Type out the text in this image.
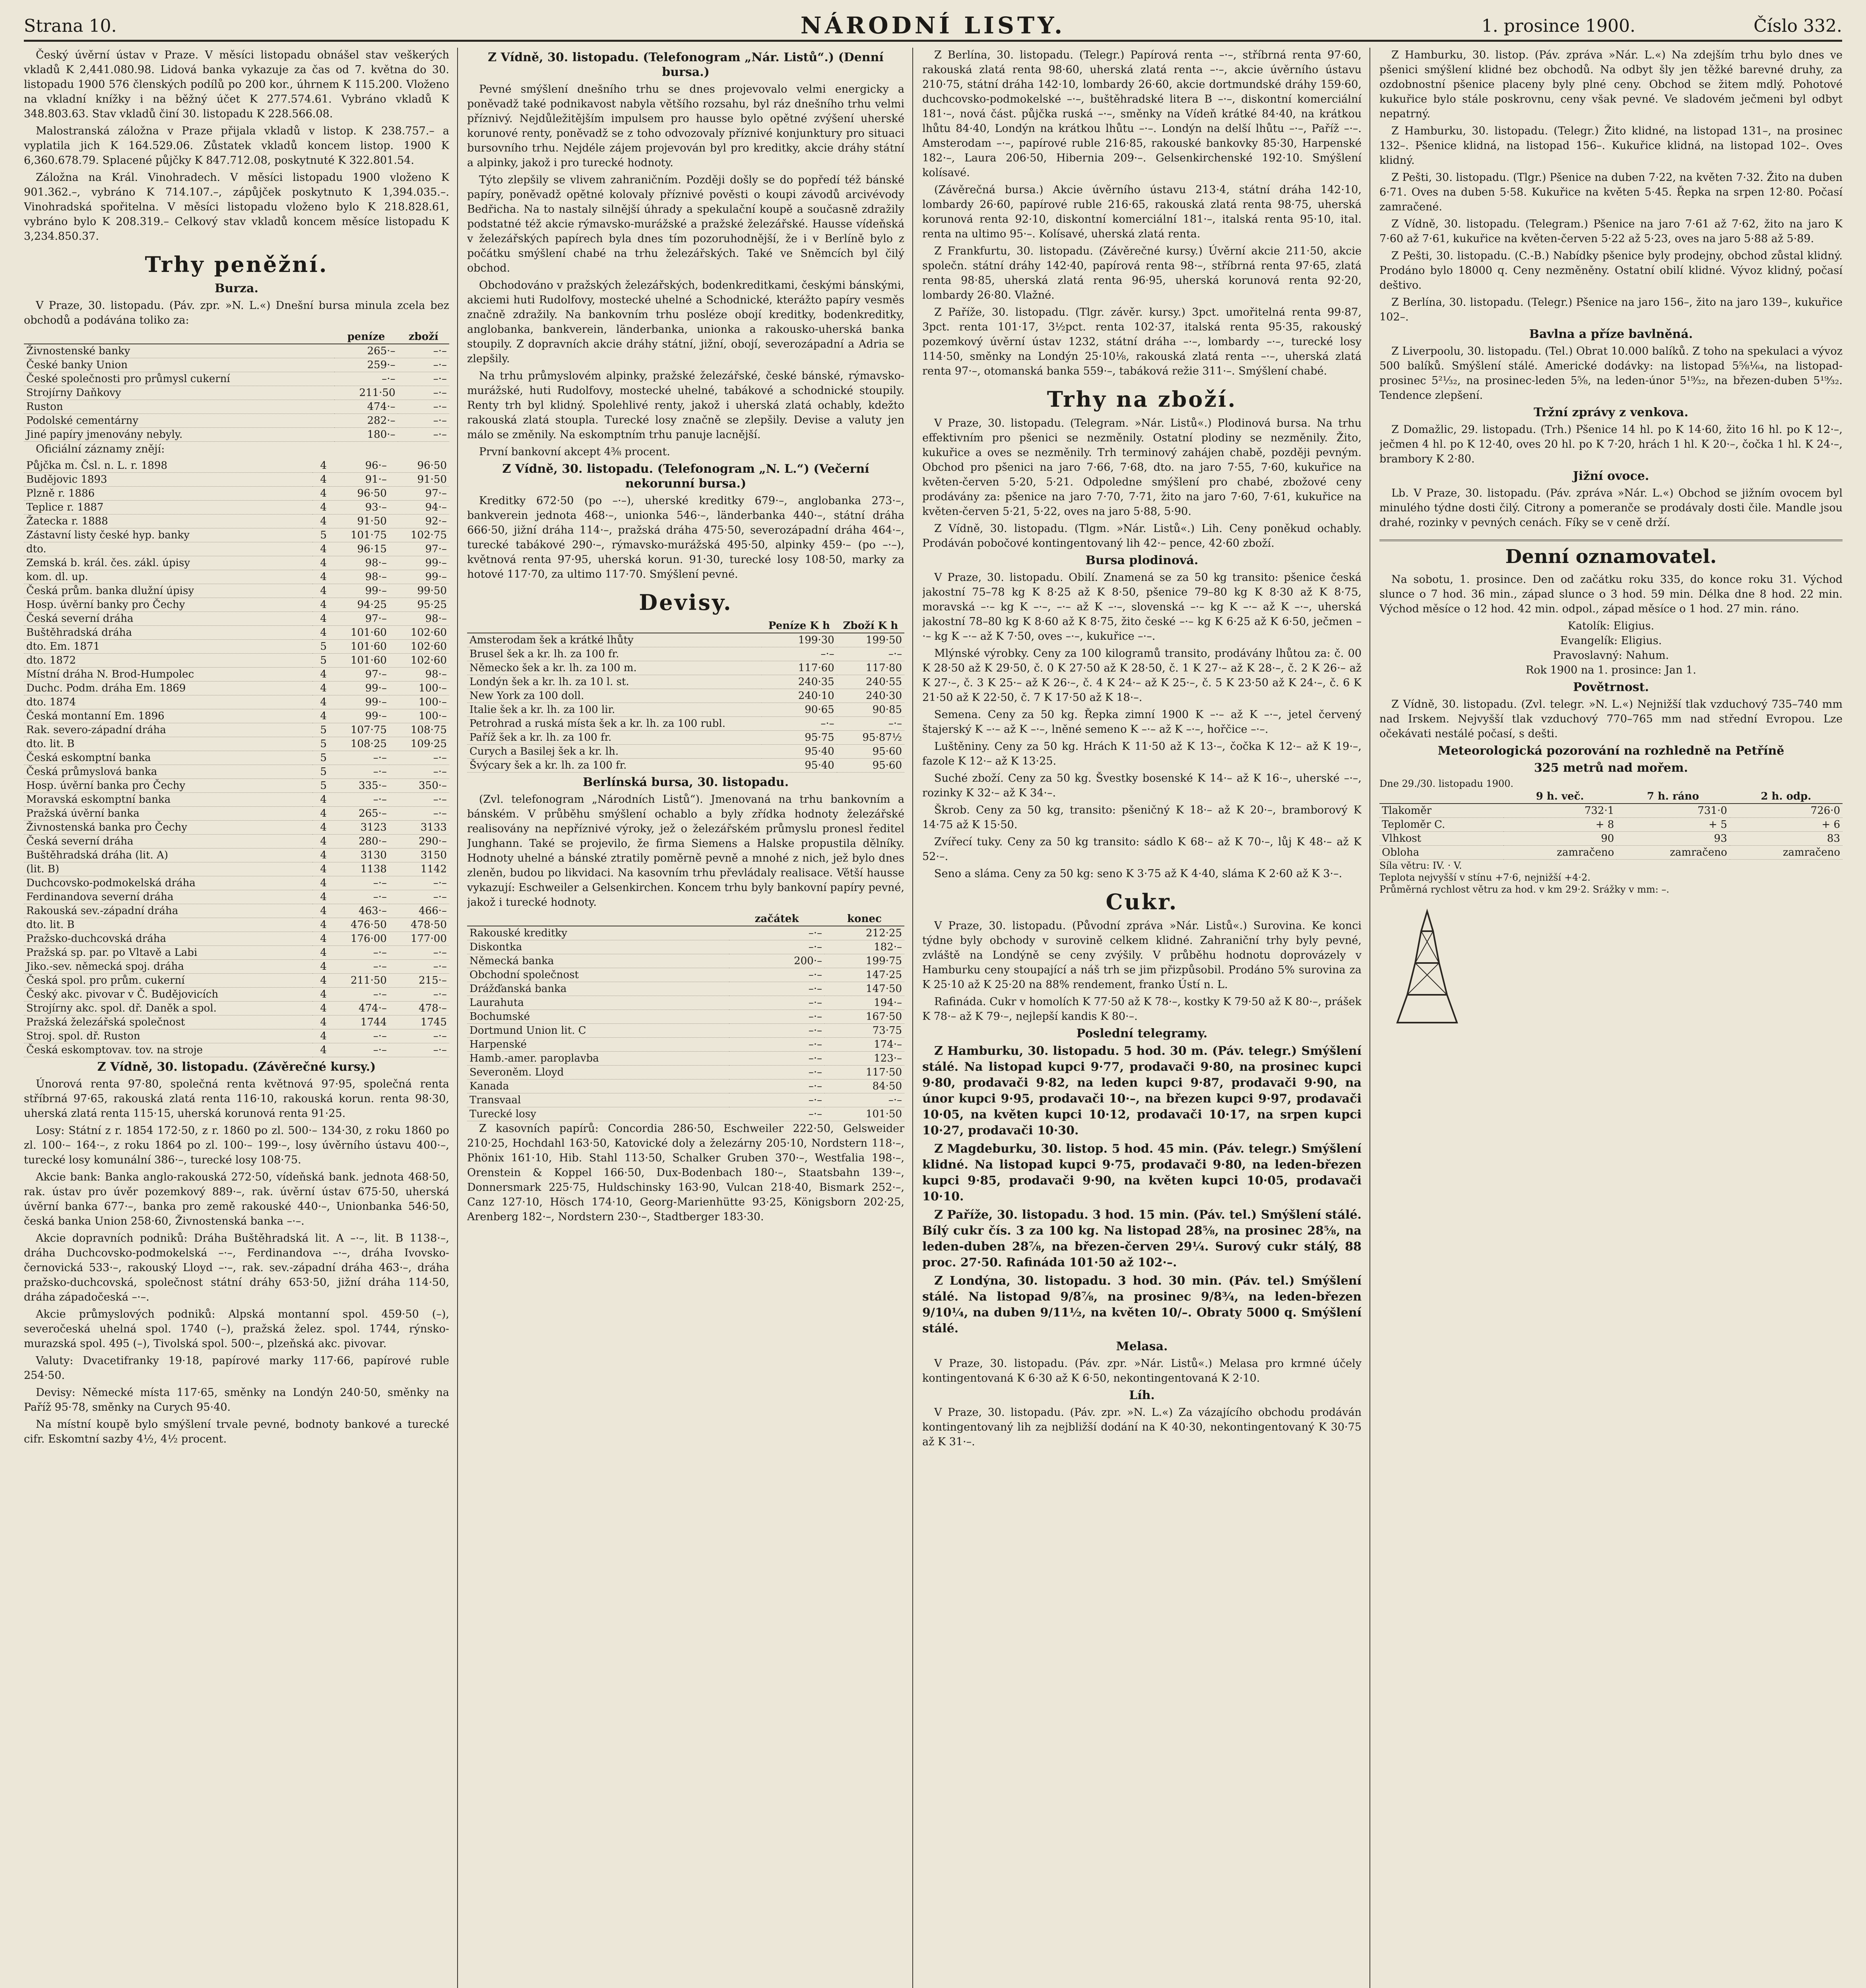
Strana 10.	NÁRODNÍ LISTY.	1. prosince 1900.	Číslo 332.

Český úvěrní ústav v Praze. V měsíci listopadu obnášel stav veškerých vkladů K 2,441.080.98. Lidová banka vykazuje za čas od 7. května do 30. listopadu 1900 576 členských podílů po 200 kor., úhrnem K 115.200. Vloženo na vkladní knížky i na běžný účet K 277.574.61. Vybráno vkladů K 348.803.63. Stav vkladů činí 30. listopadu K 228.566.08.

Malostranská záložna v Praze přijala vkladů v listop. K 238.757.– a vyplatila jich K 164.529.06. Zůstatek vkladů koncem listop. 1900 K 6,360.678.79. Splacené půjčky K 847.712.08, poskytnuté K 322.801.54.

Záložna na Král. Vinohradech. V měsíci listopadu 1900 vloženo K 901.362.–, vybráno K 714.107.–, zápůjček poskytnuto K 1,394.035.–. Vinohradská spořitelna. V měsíci listopadu vloženo bylo K 218.828.61, vybráno bylo K 208.319.– Celkový stav vkladů koncem měsíce listopadu K 3,234.850.37.

Trhy peněžní.
Burza.

V Praze, 30. listopadu. (Páv. zpr. »N. L.«) Dnešní bursa minula zcela bez obchodů a podávána toliko za:

	peníze	zboží
Živnostenské banky	265·–	–·–
České banky Union	259·–	–·–
České společnosti pro průmysl cukerní	–·–	–·–
Strojírny Daňkovy	211·50	–·–
Ruston	474·–	–·–
Podolské cementárny	282·–	–·–
Jiné papíry jmenovány nebyly.	180·–	–·–

Oficiální záznamy znějí:

Půjčka m. Čsl. n. L. r. 1898	4	96·–	96·50
Budějovic 1893	4	91·–	91·50
Plzně r. 1886	4	96·50	97·–
Teplice r. 1887	4	93·–	94·–
Žatecka r. 1888	4	91·50	92·–
Zástavní listy české hyp. banky	5	101·75	102·75
dto.	4	96·15	97·–
Zemská b. král. čes. zákl. úpisy	4	98·–	99·–
kom. dl. up.	4	98·–	99·–
Česká prům. banka dlužní úpisy	4	99·–	99·50
Hosp. úvěrní banky pro Čechy	4	94·25	95·25
Česká severní dráha	4	97·–	98·–
Buštěhradská dráha	4	101·60	102·60
dto. Em. 1871	5	101·60	102·60
dto. 1872	5	101·60	102·60
Místní dráha N. Brod-Humpolec	4	97·–	98·–
Duchc. Podm. dráha Em. 1869	4	99·–	100·–
dto. 1874	4	99·–	100·–
Česká montanní Em. 1896	4	99·–	100·–
Rak. severo-západní dráha	5	107·75	108·75
dto. lit. B	5	108·25	109·25
Česká eskomptní banka	5	–·–	–·–
Česká průmyslová banka	5	–·–	–·–
Hosp. úvěrní banka pro Čechy	5	335·–	350·–
Moravská eskomptní banka	4	–·–	–·–
Pražská úvěrní banka	4	265·–	–·–
Živnostenská banka pro Čechy	4	3123	3133
Česká severní dráha	4	280·–	290·–
Buštěhradská dráha (lit. A)	4	3130	3150
(lit. B)	4	1138	1142
Duchcovsko-podmokelská dráha	4	–·–	–·–
Ferdinandova severní dráha	4	–·–	–·–
Rakouská sev.-západní dráha	4	463·–	466·–
dto. lit. B	4	476·50	478·50
Pražsko-duchcovská dráha	4	176·00	177·00
Pražská sp. par. po Vltavě a Labi	4	–·–	–·–
Jiko.-sev. německá spoj. dráha	4	–·–	–·–
Česká spol. pro prům. cukerní	4	211·50	215·–
Český akc. pivovar v Č. Budějovicích	4	–·–	–·–
Strojírny akc. spol. dř. Daněk a spol.	4	474·–	478·–
Pražská železářská společnost	4	1744	1745
Stroj. spol. dř. Ruston	4	–·–	–·–
Česká eskomptovav. tov. na stroje	4	–·–	–·–
Z Vídně, 30. listopadu. (Závěrečné kursy.)

Únorová renta 97·80, společná renta květnová 97·95, společná renta stříbrná 97·65, rakouská zlatá renta 116·10, rakouská korun. renta 98·30, uherská zlatá renta 115·15, uherská korunová renta 91·25.

Losy: Státní z r. 1854 172·50, z r. 1860 po zl. 500·– 134·30, z roku 1860 po zl. 100·– 164·–, z roku 1864 po zl. 100·– 199·–, losy úvěrního ústavu 400·–, turecké losy komunální 386·–, turecké losy 108·75.

Akcie bank: Banka anglo-rakouská 272·50, vídeňská bank. jednota 468·50, rak. ústav pro úvěr pozemkový 889·–, rak. úvěrní ústav 675·50, uherská úvěrní banka 677·–, banka pro země rakouské 440·–, Unionbanka 546·50, česká banka Union 258·60, Živnostenská banka –·–.

Akcie dopravních podniků: Dráha Buštěhradská lit. A –·–, lit. B 1138·–, dráha Duchcovsko-podmokelská –·–, Ferdinandova –·–, dráha Ivovsko-černovická 533·–, rakouský Lloyd –·–, rak. sev.-západní dráha 463·–, dráha pražsko-duchcovská, společnost státní dráhy 653·50, jižní dráha 114·50, dráha západočeská –·–.

Akcie průmyslových podniků: Alpská montanní spol. 459·50 (–), severočeská uhelná spol. 1740 (–), pražská želez. spol. 1744, rýnsko-murazská spol. 495 (–), Tivolská spol. 500·–, plzeňská akc. pivovar.

Valuty: Dvacetifranky 19·18, papírové marky 117·66, papírové ruble 254·50.

Devisy: Německé místa 117·65, směnky na Londýn 240·50, směnky na Paříž 95·78, směnky na Curych 95·40.

Na místní koupě bylo smýšlení trvale pevné, bodnoty bankové a turecké cifr. Eskomtní sazby 4½, 4½ procent.

Z Vídně, 30. listopadu. (Telefonogram „Nár. Listů“.) (Denní bursa.)

Pevné smýšlení dnešního trhu se dnes projevovalo velmi energicky a poněvadž také podnikavost nabyla většího rozsahu, byl ráz dnešního trhu velmi příznivý. Nejdůležitějším impulsem pro hausse bylo opětné zvýšení uherské korunové renty, poněvadž se z toho odvozovaly příznivé konjunktury pro situaci bursovního trhu. Nejdéle zájem projevován byl pro kreditky, akcie dráhy státní a alpinky, jakož i pro turecké hodnoty.

Týto zlepšily se vlivem zahraničním. Později došly se do popředí též bánské papíry, poněvadž opětné kolovaly příznivé pověsti o koupi závodů arcivévody Bedřicha. Na to nastaly silnější úhrady a spekulační koupě a současně zdražily podstatné též akcie rýmavsko-murážské a pražské železářské. Hausse vídeňská v železářských papírech byla dnes tím pozoruhodnější, že i v Berlíně bylo z počátku smýšlení chabé na trhu železářských. Také ve Sněmcích byl čilý obchod.

Obchodováno v pražských železářských, bodenkreditkami, českými bánskými, akciemi huti Rudolfovy, mostecké uhelné a Schodnické, kterážto papíry vesměs značně zdražily. Na bankovním trhu posléze obojí kreditky, bodenkreditky, anglobanka, bankverein, länderbanka, unionka a rakousko-uherská banka stoupily. Z dopravních akcie dráhy státní, jižní, obojí, severozápadní a Adria se zlepšily.

Na trhu průmyslovém alpinky, pražské železářské, české bánské, rýmavsko-murážské, huti Rudolfovy, mostecké uhelné, tabákové a schodnické stoupily. Renty trh byl klidný. Spolehlivé renty, jakož i uherská zlatá ochably, kdežto rakouská zlatá stoupla. Turecké losy značně se zlepšily. Devise a valuty jen málo se změnily. Na eskomptním trhu panuje lacnější.

První bankovní akcept 4⅜ procent.

Z Vídně, 30. listopadu. (Telefonogram „N. L.“) (Večerní nekorunní bursa.)

Kreditky 672·50 (po –·–), uherské kreditky 679·–, anglobanka 273·–, bankverein jednota 468·–, unionka 546·–, länderbanka 440·–, státní dráha 666·50, jižní dráha 114·–, pražská dráha 475·50, severozápadní dráha 464·–, turecké tabákové 290·–, rýmavsko-murážská 495·50, alpinky 459·– (po –·–), květnová renta 97·95, uherská korun. 91·30, turecké losy 108·50, marky za hotové 117·70, za ultimo 117·70. Smýšlení pevné.

Devisy.
	Peníze K h	Zboží K h
Amsterodam šek a krátké lhůty	199·30	199·50
Brusel šek a kr. lh. za 100 fr.	–·–	–·–
Německo šek a kr. lh. za 100 m.	117·60	117·80
Londýn šek a kr. lh. za 10 l. st.	240·35	240·55
New York za 100 doll.	240·10	240·30
Italie šek a kr. lh. za 100 lir.	90·65	90·85
Petrohrad a ruská místa šek a kr. lh. za 100 rubl.	–·–	–·–
Paříž šek a kr. lh. za 100 fr.	95·75	95·87½
Curych a Basilej šek a kr. lh.	95·40	95·60
Švýcary šek a kr. lh. za 100 fr.	95·40	95·60
Berlínská bursa, 30. listopadu.

(Zvl. telefonogram „Národních Listů“). Jmenovaná na trhu bankovním a bánském. V průběhu smýšlení ochablo a byly zřídka hodnoty železářské realisovány na nepříznivé výroky, jež o železářském průmyslu pronesl ředitel Junghann. Také se projevilo, že firma Siemens a Halske propustila dělníky. Hodnoty uhelné a bánské ztratily poměrně pevně a mnohé z nich, jež bylo dnes zleněn, budou po likvidaci. Na kasovním trhu převládaly realisace. Větší hausse vykazují: Eschweiler a Gelsenkirchen. Koncem trhu byly bankovní papíry pevné, jakož i turecké hodnoty.

	začátek	konec
Rakouské kreditky	–·–	212·25
Diskontka	–·–	182·–
Německá banka	200·–	199·75
Obchodní společnost	–·–	147·25
Drážďanská banka	–·–	147·50
Laurahuta	–·–	194·–
Bochumské	–·–	167·50
Dortmund Union lit. C	–·–	73·75
Harpenské	–·–	174·–
Hamb.-amer. paroplavba	–·–	123·–
Severoněm. Lloyd	–·–	117·50
Kanada	–·–	84·50
Transvaal	–·–	–·–
Turecké losy	–·–	101·50

Z kasovních papírů: Concordia 286·50, Eschweiler 222·50, Gelsweider 210·25, Hochdahl 163·50, Katovické doly a železárny 205·10, Nordstern 118·–, Phönix 161·10, Hib. Stahl 113·50, Schalker Gruben 370·–, Westfalia 198·–, Orenstein & Koppel 166·50, Dux-Bodenbach 180·–, Staatsbahn 139·–, Donnersmark 225·75, Huldschinsky 163·90, Vulcan 218·40, Bismark 252·–, Canz 127·10, Hösch 174·10, Georg-Marienhütte 93·25, Königsborn 202·25, Arenberg 182·–, Nordstern 230·–, Stadtberger 183·30.

Z Berlína, 30. listopadu. (Telegr.) Papírová renta –·–, stříbrná renta 97·60, rakouská zlatá renta 98·60, uherská zlatá renta –·–, akcie úvěrního ústavu 210·75, státní dráha 142·10, lombardy 26·60, akcie dortmundské dráhy 159·60, duchcovsko-podmokelské –·–, buštěhradské litera B –·–, diskontní komerciální 181·–, nová část. půjčka ruská –·–, směnky na Vídeň krátké 84·40, na krátkou lhůtu 84·40, Londýn na krátkou lhůtu –·–. Londýn na delší lhůtu –·–, Paříž –·–. Amsterodam –·–, papírové ruble 216·85, rakouské bankovky 85·30, Harpenské 182·–, Laura 206·50, Hibernia 209·–. Gelsenkirchenské 192·10. Smýšlení kolísavé.

(Závěrečná bursa.) Akcie úvěrního ústavu 213·4, státní dráha 142·10, lombardy 26·60, papírové ruble 216·65, rakouská zlatá renta 98·75, uherská korunová renta 92·10, diskontní komerciální 181·–, italská renta 95·10, ital. renta na ultimo 95·–. Kolísavé, uherská zlatá renta.

Z Frankfurtu, 30. listopadu. (Závěrečné kursy.) Úvěrní akcie 211·50, akcie společn. státní dráhy 142·40, papírová renta 98·–, stříbrná renta 97·65, zlatá renta 98·85, uherská zlatá renta 96·95, uherská korunová renta 92·20, lombardy 26·80. Vlažné.

Z Paříže, 30. listopadu. (Tlgr. závěr. kursy.) 3pct. umořitelná renta 99·87, 3pct. renta 101·17, 3½pct. renta 102·37, italská renta 95·35, rakouský pozemkový úvěrní ústav 1232, státní dráha –·–, lombardy –·–, turecké losy 114·50, směnky na Londýn 25·10⅛, rakouská zlatá renta –·–, uherská zlatá renta 97·–, otomanská banka 559·–, tabáková režie 311·–. Smýšlení chabé.

Trhy na zboží.

V Praze, 30. listopadu. (Telegram. »Nár. Listů«.) Plodinová bursa. Na trhu effektivním pro pšenici se nezměnily. Ostatní plodiny se nezměnily. Žito, kukuřice a oves se nezměnily. Trh terminový zahájen chabě, později pevným. Obchod pro pšenici na jaro 7·66, 7·68, dto. na jaro 7·55, 7·60, kukuřice na květen-červen 5·20, 5·21. Odpoledne smýšlení pro chabé, zbožové ceny prodávány za: pšenice na jaro 7·70, 7·71, žito na jaro 7·60, 7·61, kukuřice na květen-červen 5·21, 5·22, oves na jaro 5·88, 5·90.

Z Vídně, 30. listopadu. (Tlgm. »Nár. Listů«.) Lih. Ceny poněkud ochably. Prodáván pobočové kontingentovaný lih 42·– pence, 42·60 zboží.

Bursa plodinová.

V Praze, 30. listopadu. Obilí. Znamená se za 50 kg transito: pšenice česká jakostní 75–78 kg K 8·25 až K 8·50, pšenice 79–80 kg K 8·30 až K 8·75, moravská –·– kg K –·–, –·– až K –·–, slovenská –·– kg K –·– až K –·–, uherská jakostní 78–80 kg K 8·60 až K 8·75, žito české –·– kg K 6·25 až K 6·50, ječmen –·– kg K –·– až K 7·50, oves –·–, kukuřice –·–.

Mlýnské výrobky. Ceny za 100 kilogramů transito, prodávány lhůtou za: č. 00 K 28·50 až K 29·50, č. 0 K 27·50 až K 28·50, č. 1 K 27·– až K 28·–, č. 2 K 26·– až K 27·–, č. 3 K 25·– až K 26·–, č. 4 K 24·– až K 25·–, č. 5 K 23·50 až K 24·–, č. 6 K 21·50 až K 22·50, č. 7 K 17·50 až K 18·–.

Semena. Ceny za 50 kg. Řepka zimní 1900 K –·– až K –·–, jetel červený štajerský K –·– až K –·–, lněné semeno K –·– až K –·–, hořčice –·–.

Luštěniny. Ceny za 50 kg. Hrách K 11·50 až K 13·–, čočka K 12·– až K 19·–, fazole K 12·– až K 13·25.

Suché zboží. Ceny za 50 kg. Švestky bosenské K 14·– až K 16·–, uherské –·–, rozinky K 32·– až K 34·–.

Škrob. Ceny za 50 kg, transito: pšeničný K 18·– až K 20·–, bramborový K 14·75 až K 15·50.

Zvířecí tuky. Ceny za 50 kg transito: sádlo K 68·– až K 70·–, lůj K 48·– až K 52·–.

Seno a sláma. Ceny za 50 kg: seno K 3·75 až K 4·40, sláma K 2·60 až K 3·–.

Cukr.

V Praze, 30. listopadu. (Původní zpráva »Nár. Listů«.) Surovina. Ke konci týdne byly obchody v surovině celkem klidné. Zahraniční trhy byly pevné, zvláště na Londýně se ceny zvýšily. V průběhu hodnotu doprovázely v Hamburku ceny stoupající a náš trh se jim přizpůsobil. Prodáno 5% surovina za K 25·10 až K 25·20 na 88% rendement, franko Ústí n. L.

Rafináda. Cukr v homolích K 77·50 až K 78·–, kostky K 79·50 až K 80·–, prášek K 78·– až K 79·–, nejlepší kandis K 80·–.

Poslední telegramy.

Z Hamburku, 30. listopadu. 5 hod. 30 m. (Páv. telegr.) Smýšlení stálé. Na listopad kupci 9·77, prodavači 9·80, na prosinec kupci 9·80, prodavači 9·82, na leden kupci 9·87, prodavači 9·90, na únor kupci 9·95, prodavači 10·–, na březen kupci 9·97, prodavači 10·05, na květen kupci 10·12, prodavači 10·17, na srpen kupci 10·27, prodavači 10·30.

Z Magdeburku, 30. listop. 5 hod. 45 min. (Páv. telegr.) Smýšlení klidné. Na listopad kupci 9·75, prodavači 9·80, na leden-březen kupci 9·85, prodavači 9·90, na květen kupci 10·05, prodavači 10·10.

Z Paříže, 30. listopadu. 3 hod. 15 min. (Páv. tel.) Smýšlení stálé. Bílý cukr čís. 3 za 100 kg. Na listopad 28⅝, na prosinec 28⅝, na leden-duben 28⅞, na březen-červen 29¼. Surový cukr stálý, 88 proc. 27·50. Rafináda 101·50 až 102·–.

Z Londýna, 30. listopadu. 3 hod. 30 min. (Páv. tel.) Smýšlení stálé. Na listopad 9/8⅞, na prosinec 9/8¾, na leden-březen 9/10¼, na duben 9/11½, na květen 10/–. Obraty 5000 q. Smýšlení stálé.

Melasa.

V Praze, 30. listopadu. (Páv. zpr. »Nár. Listů«.) Melasa pro krmné účely kontingentovaná K 6·30 až K 6·50, nekontingentovaná K 2·10.

Líh.

V Praze, 30. listopadu. (Páv. zpr. »N. L.«) Za vázajícího obchodu prodáván kontingentovaný lih za nejbližší dodání na K 40·30, nekontingentovaný K 30·75 až K 31·–.

Z Hamburku, 30. listop. (Páv. zpráva »Nár. L.«) Na zdejším trhu bylo dnes ve pšenici smýšlení klidné bez obchodů. Na odbyt šly jen těžké barevné druhy, za ozdobnostní pšenice placeny byly plné ceny. Obchod se žitem mdlý. Pohotové kukuřice bylo stále poskrovnu, ceny však pevné. Ve sladovém ječmeni byl odbyt nepatrný.

Z Hamburku, 30. listopadu. (Telegr.) Žito klidné, na listopad 131–, na prosinec 132–. Pšenice klidná, na listopad 156–. Kukuřice klidná, na listopad 102–. Oves klidný.

Z Pešti, 30. listopadu. (Tlgr.) Pšenice na duben 7·22, na květen 7·32. Žito na duben 6·71. Oves na duben 5·58. Kukuřice na květen 5·45. Řepka na srpen 12·80. Počasí zamračené.

Z Vídně, 30. listopadu. (Telegram.) Pšenice na jaro 7·61 až 7·62, žito na jaro K 7·60 až 7·61, kukuřice na květen-červen 5·22 až 5·23, oves na jaro 5·88 až 5·89.

Z Pešti, 30. listopadu. (C.-B.) Nabídky pšenice byly prodejny, obchod zůstal klidný. Prodáno bylo 18000 q. Ceny nezměněny. Ostatní obilí klidné. Vývoz klidný, počasí deštivo.

Z Berlína, 30. listopadu. (Telegr.) Pšenice na jaro 156–, žito na jaro 139–, kukuřice 102–.

Bavlna a příze bavlněná.

Z Liverpoolu, 30. listopadu. (Tel.) Obrat 10.000 balíků. Z toho na spekulaci a vývoz 500 balíků. Smýšlení stálé. Americké dodávky: na listopad 5⅝¹⁄₆₄, na listopad-prosinec 5²¹⁄₃₂, na prosinec-leden 5⁵⁄₈, na leden-únor 5¹⁹⁄₃₂, na březen-duben 5¹⁹⁄₃₂. Tendence zlepšení.

Tržní zprávy z venkova.

Z Domažlic, 29. listopadu. (Trh.) Pšenice 14 hl. po K 14·60, žito 16 hl. po K 12·–, ječmen 4 hl. po K 12·40, oves 20 hl. po K 7·20, hrách 1 hl. K 20·–, čočka 1 hl. K 24·–, brambory K 2·80.

Jižní ovoce.

Lb. V Praze, 30. listopadu. (Páv. zpráva »Nár. L.«) Obchod se jižním ovocem byl minulého týdne dosti čilý. Citrony a pomeranče se prodávaly dosti čile. Mandle jsou drahé, rozinky v pevných cenách. Fíky se v ceně drží.

Denní oznamovatel.

Na sobotu, 1. prosince. Den od začátku roku 335, do konce roku 31. Východ slunce o 7 hod. 36 min., západ slunce o 3 hod. 59 min. Délka dne 8 hod. 22 min. Východ měsíce o 12 hod. 42 min. odpol., západ měsíce o 1 hod. 27 min. ráno.

Katolík: Eligius.
Evangelík: Eligius.
Pravoslavný: Nahum.
Rok 1900 na 1. prosince: Jan 1.
Povětrnost.

Z Vídně, 30. listopadu. (Zvl. telegr. »N. L.«) Nejnižší tlak vzduchový 735–740 mm nad Irskem. Nejvyšší tlak vzduchový 770–765 mm nad střední Evropou. Lze očekávati nestálé počasí, s dešti.

Meteorologická pozorování na rozhledně na Petříně
325 metrů nad mořem.
Dne 29./30. listopadu 1900.
	9 h. več.	7 h. ráno	2 h. odp.
Tlakoměr	732·1	731·0	726·0
Teploměr C.	+ 8	+ 5	+ 6
Vlhkost	90	93	83
Obloha	zamračeno	zamračeno	zamračeno
Síla větru: IV. · V.
Teplota nejvyšší v stínu +7·6, nejnižší +4·2.
Průměrná rychlost větru za hod. v km 29·2. Srážky v mm: –.
